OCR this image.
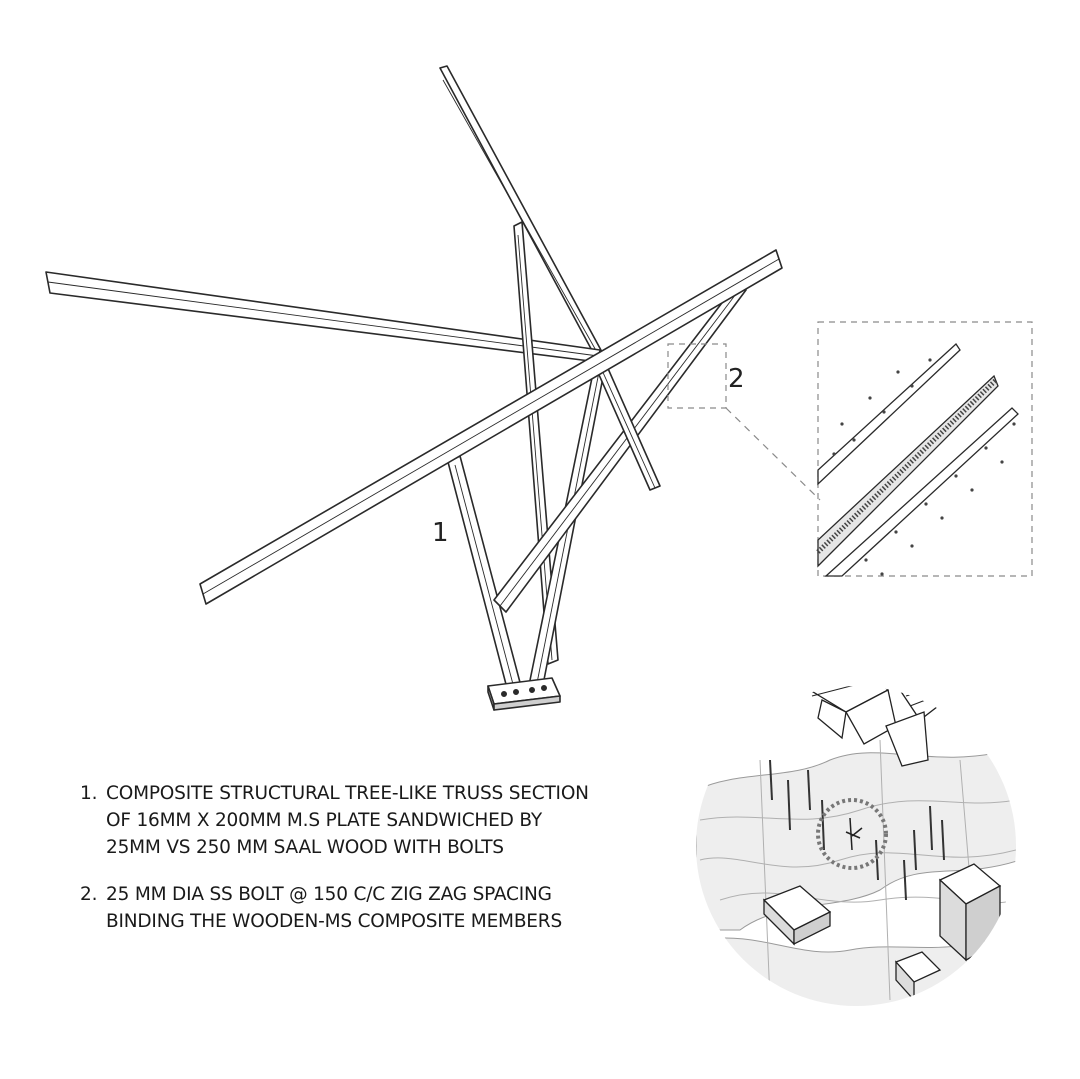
1
2
1. COMPOSITE STRUCTURAL TREE-LIKE TRUSS SECTION
OF 16MM X 200MM M.S PLATE SANDWICHED BY
25MM VS 250 MM SAAL WOOD WITH BOLTS
2. 25 MM DIA SS BOLT @ 150 C/C ZIG ZAG SPACING
BINDING THE WOODEN-MS COMPOSITE MEMBERS
